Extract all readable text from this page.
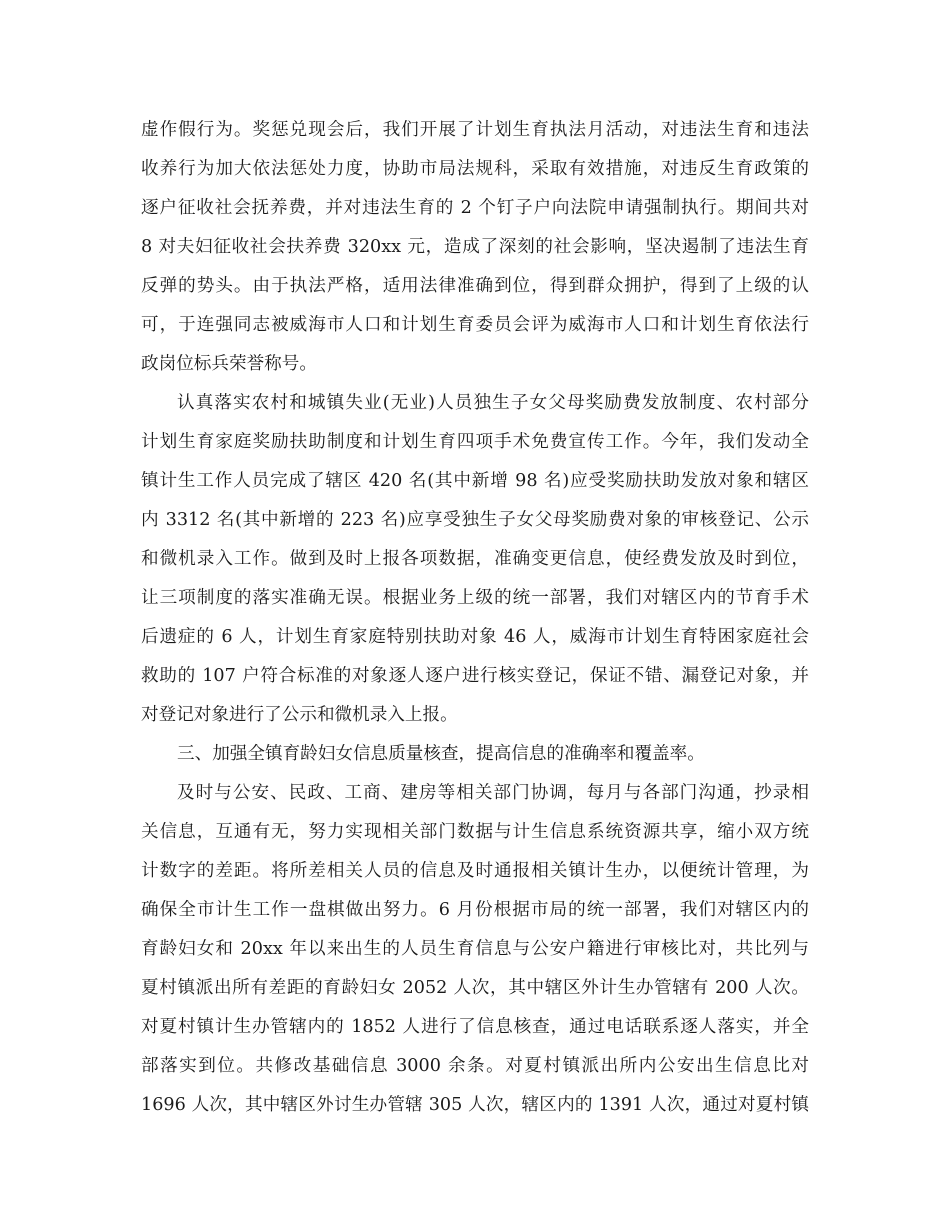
虚作假行为。奖惩兑现会后，我们开展了计划生育执法月活动，对违法生育和违法
收养行为加大依法惩处力度，协助市局法规科，采取有效措施，对违反生育政策的
逐户征收社会抚养费，并对违法生育的 2 个钉子户向法院申请强制执行。期间共对
8 对夫妇征收社会扶养费 320xx 元，造成了深刻的社会影响，坚决遏制了违法生育
反弹的势头。由于执法严格，适用法律准确到位，得到群众拥护，得到了上级的认
可，于连强同志被威海市人口和计划生育委员会评为威海市人口和计划生育依法行
政岗位标兵荣誉称号。
认真落实农村和城镇失业(无业)人员独生子女父母奖励费发放制度、农村部分
计划生育家庭奖励扶助制度和计划生育四项手术免费宣传工作。今年，我们发动全
镇计生工作人员完成了辖区 420 名(其中新增 98 名)应受奖励扶助发放对象和辖区
内 3312 名(其中新增的 223 名)应享受独生子女父母奖励费对象的审核登记、公示
和微机录入工作。做到及时上报各项数据，准确变更信息，使经费发放及时到位，
让三项制度的落实准确无误。根据业务上级的统一部署，我们对辖区内的节育手术
后遗症的 6 人，计划生育家庭特别扶助对象 46 人，威海市计划生育特困家庭社会
救助的 107 户符合标准的对象逐人逐户进行核实登记，保证不错、漏登记对象，并
对登记对象进行了公示和微机录入上报。
三、加强全镇育龄妇女信息质量核查，提高信息的准确率和覆盖率。
及时与公安、民政、工商、建房等相关部门协调，每月与各部门沟通，抄录相
关信息，互通有无，努力实现相关部门数据与计生信息系统资源共享，缩小双方统
计数字的差距。将所差相关人员的信息及时通报相关镇计生办，以便统计管理，为
确保全市计生工作一盘棋做出努力。6 月份根据市局的统一部署，我们对辖区内的
育龄妇女和 20xx 年以来出生的人员生育信息与公安户籍进行审核比对，共比列与
夏村镇派出所有差距的育龄妇女 2052 人次，其中辖区外计生办管辖有 200 人次。
对夏村镇计生办管辖内的 1852 人进行了信息核查，通过电话联系逐人落实，并全
部落实到位。共修改基础信息 3000 余条。对夏村镇派出所内公安出生信息比对
1696 人次，其中辖区外讨生办管辖 305 人次，辖区内的 1391 人次，通过对夏村镇
